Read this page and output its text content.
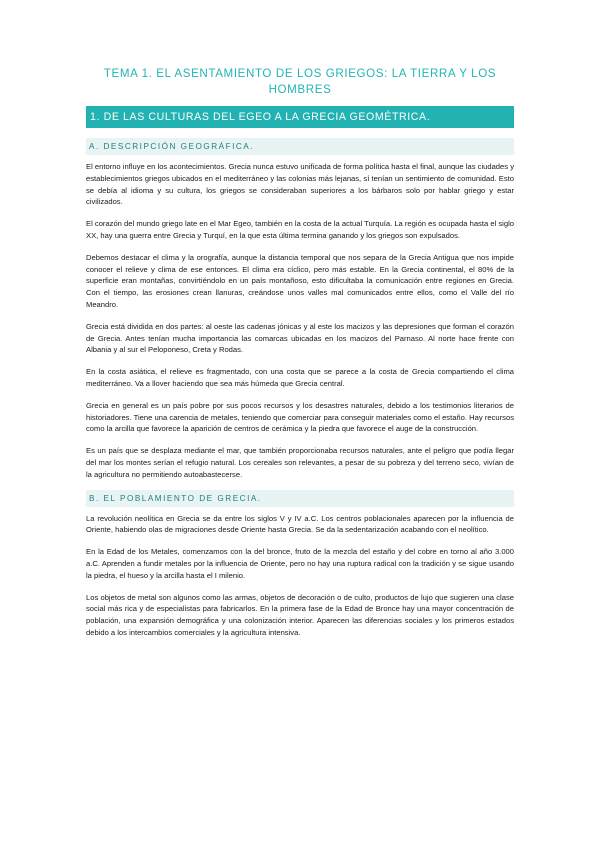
TEMA 1. EL ASENTAMIENTO DE LOS GRIEGOS: LA TIERRA Y LOS HOMBRES
1. DE LAS CULTURAS DEL EGEO A LA GRECIA GEOMÉTRICA.
A. DESCRIPCIÓN GEOGRÁFICA.

El entorno influye en los acontecimientos. Grecia nunca estuvo unificada de forma política hasta el final, aunque las ciudades y establecimientos griegos ubicados en el mediterráneo y las colonias más lejanas, sí tenían un sentimiento de comunidad. Esto se debía al idioma y su cultura, los griegos se consideraban superiores a los bárbaros solo por hablar griego y estar civilizados.

El corazón del mundo griego late en el Mar Egeo, también en la costa de la actual Turquía. La región es ocupada hasta el siglo XX, hay una guerra entre Grecia y Turquí, en la que esta última termina ganando y los griegos son expulsados.

Debemos destacar el clima y la orografía, aunque la distancia temporal que nos separa de la Grecia Antigua que nos impide conocer el relieve y clima de ese entonces. El clima era cíclico, pero más estable. En la Grecia continental, el 80% de la superficie eran montañas, convirtiéndolo en un país montañoso, esto dificultaba la comunicación entre regiones en Grecia. Con el tiempo, las erosiones crean llanuras, creándose unos valles mal comunicados entre ellos, como el Valle del río Meandro.

Grecia está dividida en dos partes: al oeste las cadenas jónicas y al este los macizos y las depresiones que forman el corazón de Grecia. Antes tenían mucha importancia las comarcas ubicadas en los macizos del Parnaso. Al norte hace frente con Albania y al sur el Peloponeso, Creta y Rodas.

En la costa asiática, el relieve es fragmentado, con una costa que se parece a la costa de Grecia compartiendo el clima mediterráneo. Va a llover haciendo que sea más húmeda que Grecia central.

Grecia en general es un país pobre por sus pocos recursos y los desastres naturales, debido a los testimonios literarios de historiadores. Tiene una carencia de metales, teniendo que comerciar para conseguir materiales como el estaño. Hay recursos como la arcilla que favorece la aparición de centros de cerámica y la piedra que favorece el auge de la construcción.

Es un país que se desplaza mediante el mar, que también proporcionaba recursos naturales, ante el peligro que podía llegar del mar los montes serían el refugio natural. Los cereales son relevantes, a pesar de su pobreza y del terreno seco, vivían de la agricultura no permitiendo autoabastecerse.

B. EL POBLAMIENTO DE GRECIA.

La revolución neolítica en Grecia se da entre los siglos V y IV a.C. Los centros poblacionales aparecen por la influencia de Oriente, habiendo olas de migraciones desde Oriente hasta Grecia. Se da la sedentarización acabando con el neolítico.

En la Edad de los Metales, comenzamos con la del bronce, fruto de la mezcla del estaño y del cobre en torno al año 3.000 a.C. Aprenden a fundir metales por la influencia de Oriente, pero no hay una ruptura radical con la tradición y se sigue usando la piedra, el hueso y la arcilla hasta el I milenio.

Los objetos de metal son algunos como las armas, objetos de decoración o de culto, productos de lujo que sugieren una clase social más rica y de especialistas para fabricarlos. En la primera fase de la Edad de Bronce hay una mayor concentración de población, una expansión demográfica y una colonización interior. Aparecen las diferencias sociales y los primeros estados debido a los intercambios comerciales y la agricultura intensiva.
